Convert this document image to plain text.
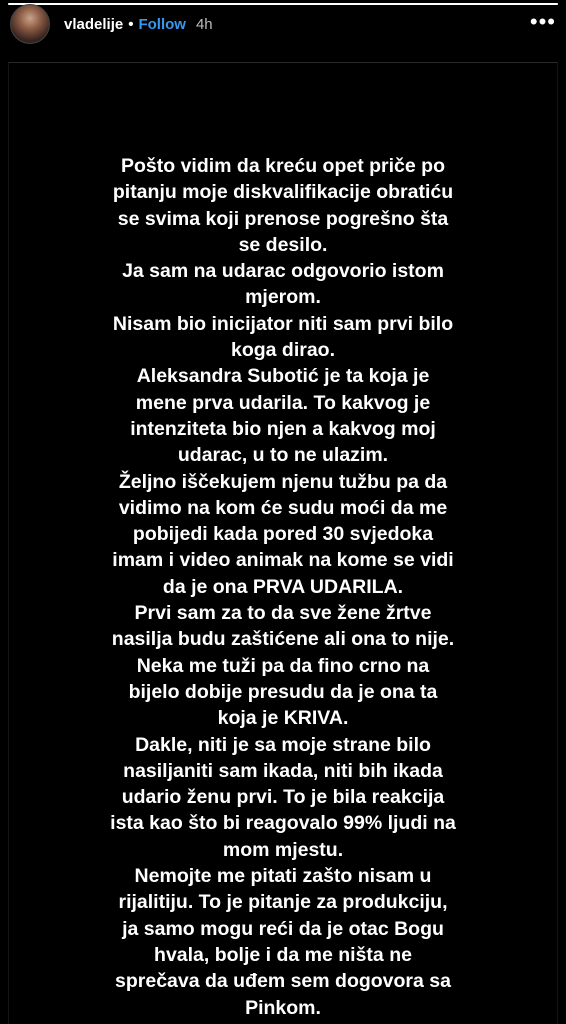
vladelije • Follow 4h	•••
Pošto vidim da kreću opet priče po
pitanju moje diskvalifikacije obratiću
se svima koji prenose pogrešno šta
se desilo.
Ja sam na udarac odgovorio istom
mjerom.
Nisam bio inicijator niti sam prvi bilo
koga dirao.
Aleksandra Subotić je ta koja je
mene prva udarila. To kakvog je
intenziteta bio njen a kakvog moj
udarac, u to ne ulazim.
Željno iščekujem njenu tužbu pa da
vidimo na kom će sudu moći da me
pobijedi kada pored 30 svjedoka
imam i video animak na kome se vidi
da je ona PRVA UDARILA.
Prvi sam za to da sve žene žrtve
nasilja budu zaštićene ali ona to nije.
Neka me tuži pa da fino crno na
bijelo dobije presudu da je ona ta
koja je KRIVA.
Dakle, niti je sa moje strane bilo
nasiljaniti sam ikada, niti bih ikada
udario ženu prvi. To je bila reakcija
ista kao što bi reagovalo 99% ljudi na
mom mjestu.
Nemojte me pitati zašto nisam u
rijalitiju. To je pitanje za produkciju,
ja samo mogu reći da je otac Bogu
hvala, bolje i da me ništa ne
sprečava da uđem sem dogovora sa
Pinkom.
